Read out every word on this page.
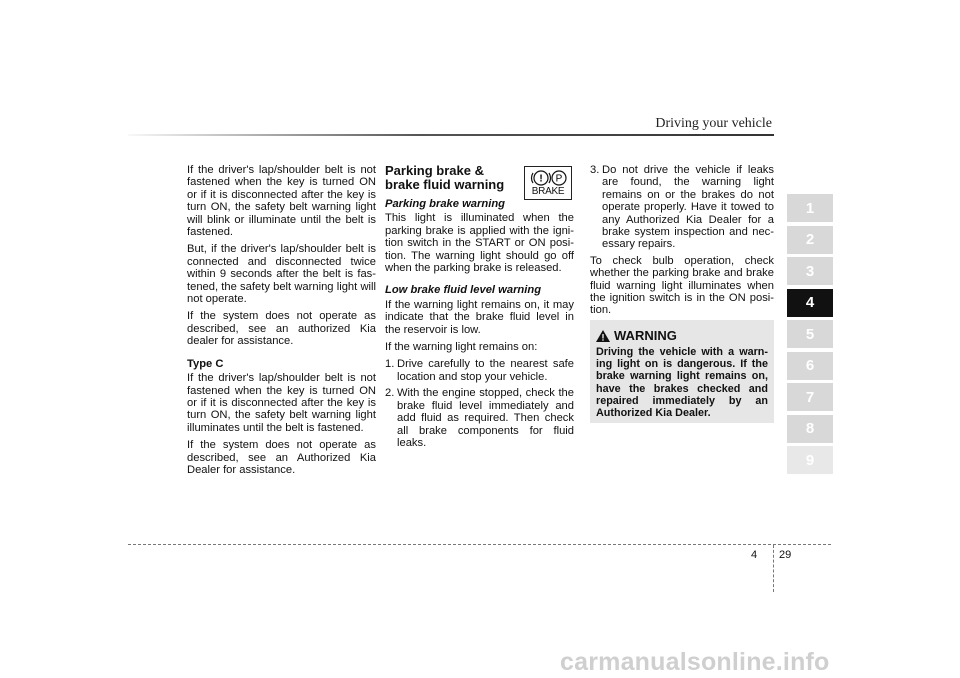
Driving your vehicle

If the driver's lap/shoulder belt is not fastened when the key is turned ON or if it is disconnected after the key is turn ON, the safety belt warning light will blink or illuminate until the belt is fastened.

But, if the driver's lap/shoulder belt is connected and disconnected twice within 9 seconds after the belt is fas-tened, the safety belt warning light will not operate.

If the system does not operate as described, see an authorized Kia dealer for assistance.

Type C

If the driver's lap/shoulder belt is not fastened when the key is turned ON or if it is disconnected after the key is turn ON, the safety belt warning light illuminates until the belt is fastened.

If the system does not operate as described, see an Authorized Kia Dealer for assistance.

Parking brake & brake fluid warning
Parking brake warning

This light is illuminated when the parking brake is applied with the igni-tion switch in the START or ON posi-tion. The warning light should go off when the parking brake is released.

Low brake fluid level warning

If the warning light remains on, it may indicate that the brake fluid level in the reservoir is low.

If the warning light remains on:

1. Drive carefully to the nearest safe location and stop your vehicle.
2. With the engine stopped, check the brake fluid level immediately and add fluid as required. Then check all brake components for fluid leaks.
! P
BRAKE
3. Do not drive the vehicle if leaks are found, the warning light remains on or the brakes do not operate properly. Have it towed to any Authorized Kia Dealer for a brake system inspection and nec-essary repairs.

To check bulb operation, check whether the parking brake and brake fluid warning light illuminates when the ignition switch is in the ON posi-tion.

WARNING
Driving the vehicle with a warn-ing light on is dangerous. If the brake warning light remains on, have the brakes checked and repaired immediately by an Authorized Kia Dealer.
1
2
3
4
5
6
7
8
9
4 29
carmanualsonline.info
